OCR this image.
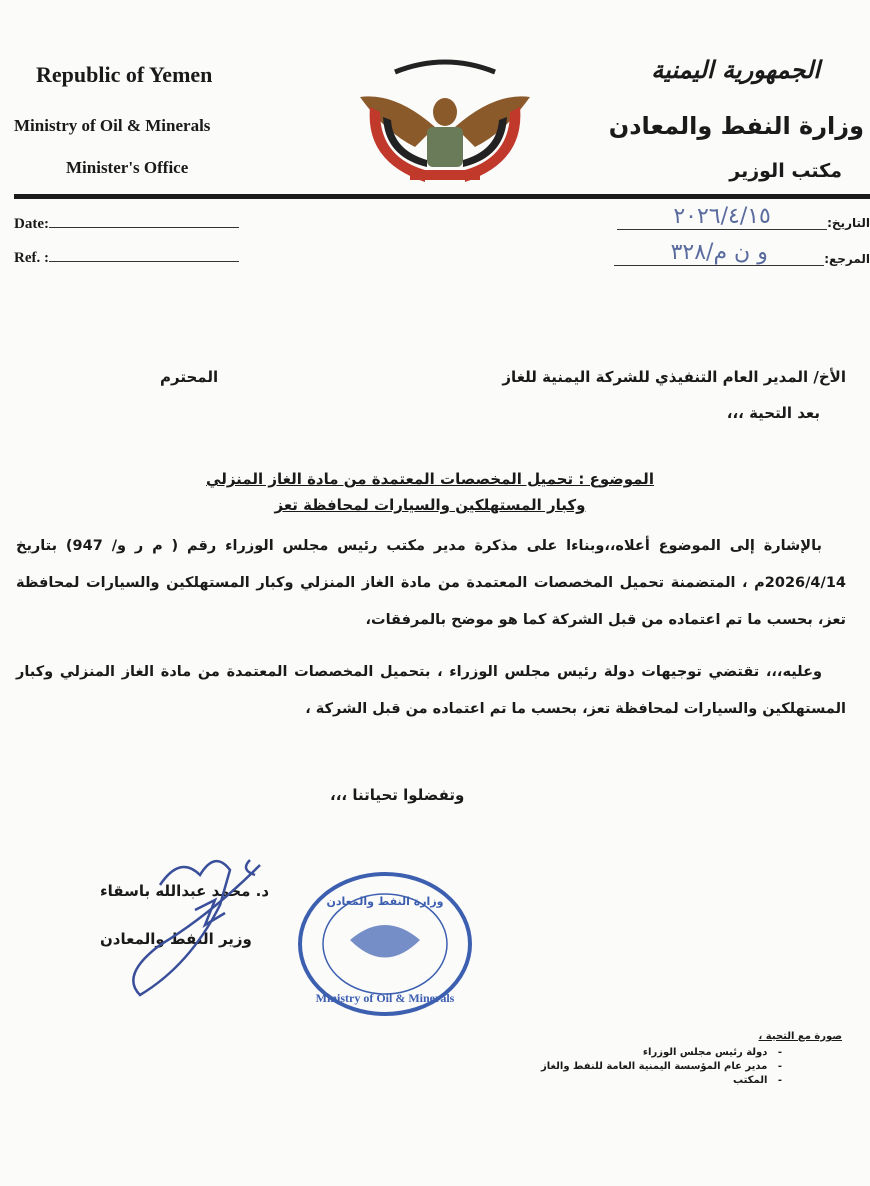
Republic of Yemen
Ministry of Oil & Minerals
Minister's Office
الجمهورية اليمنية
وزارة النفط والمعادن
مكتب الوزير
Date:
Ref. :
التاريخ:
٢٠٢٦/٤/١٥
المرجع:
و ن م/٣٢٨
الأخ/ المدير العام التنفيذي للشركة اليمنية للغاز
المحترم
بعد التحية ،،،
الموضوع : تحميل المخصصات المعتمدة من مادة الغاز المنزلي
وكبار المستهلكين والسيارات لمحافظة تعز
بالإشارة إلى الموضوع أعلاه،،وبناءا على مذكرة مدير مكتب رئيس مجلس الوزراء رقم ( م ر و/ 947) بتاريخ 2026/4/14م ، المتضمنة تحميل المخصصات المعتمدة من مادة الغاز المنزلي وكبار المستهلكين والسيارات لمحافظة تعز، بحسب ما تم اعتماده من قبل الشركة كما هو موضح بالمرفقات،
وعليه،،، تقتضي توجيهات دولة رئيس مجلس الوزراء ، بتحميل المخصصات المعتمدة من مادة الغاز المنزلي وكبار المستهلكين والسيارات لمحافظة تعز، بحسب ما تم اعتماده من قبل الشركة ،
وتفضلوا تحياتنا ،،،
د. محمد عبدالله باسقاء
وزير النفط والمعادن
وزارة النفط والمعادن
Ministry of Oil & Minerals
صورة مع التحية ،
-   دولة رئيس مجلس الوزراء
-   مدير عام المؤسسة اليمنية العامة للنفط والغاز
-   المكتب
